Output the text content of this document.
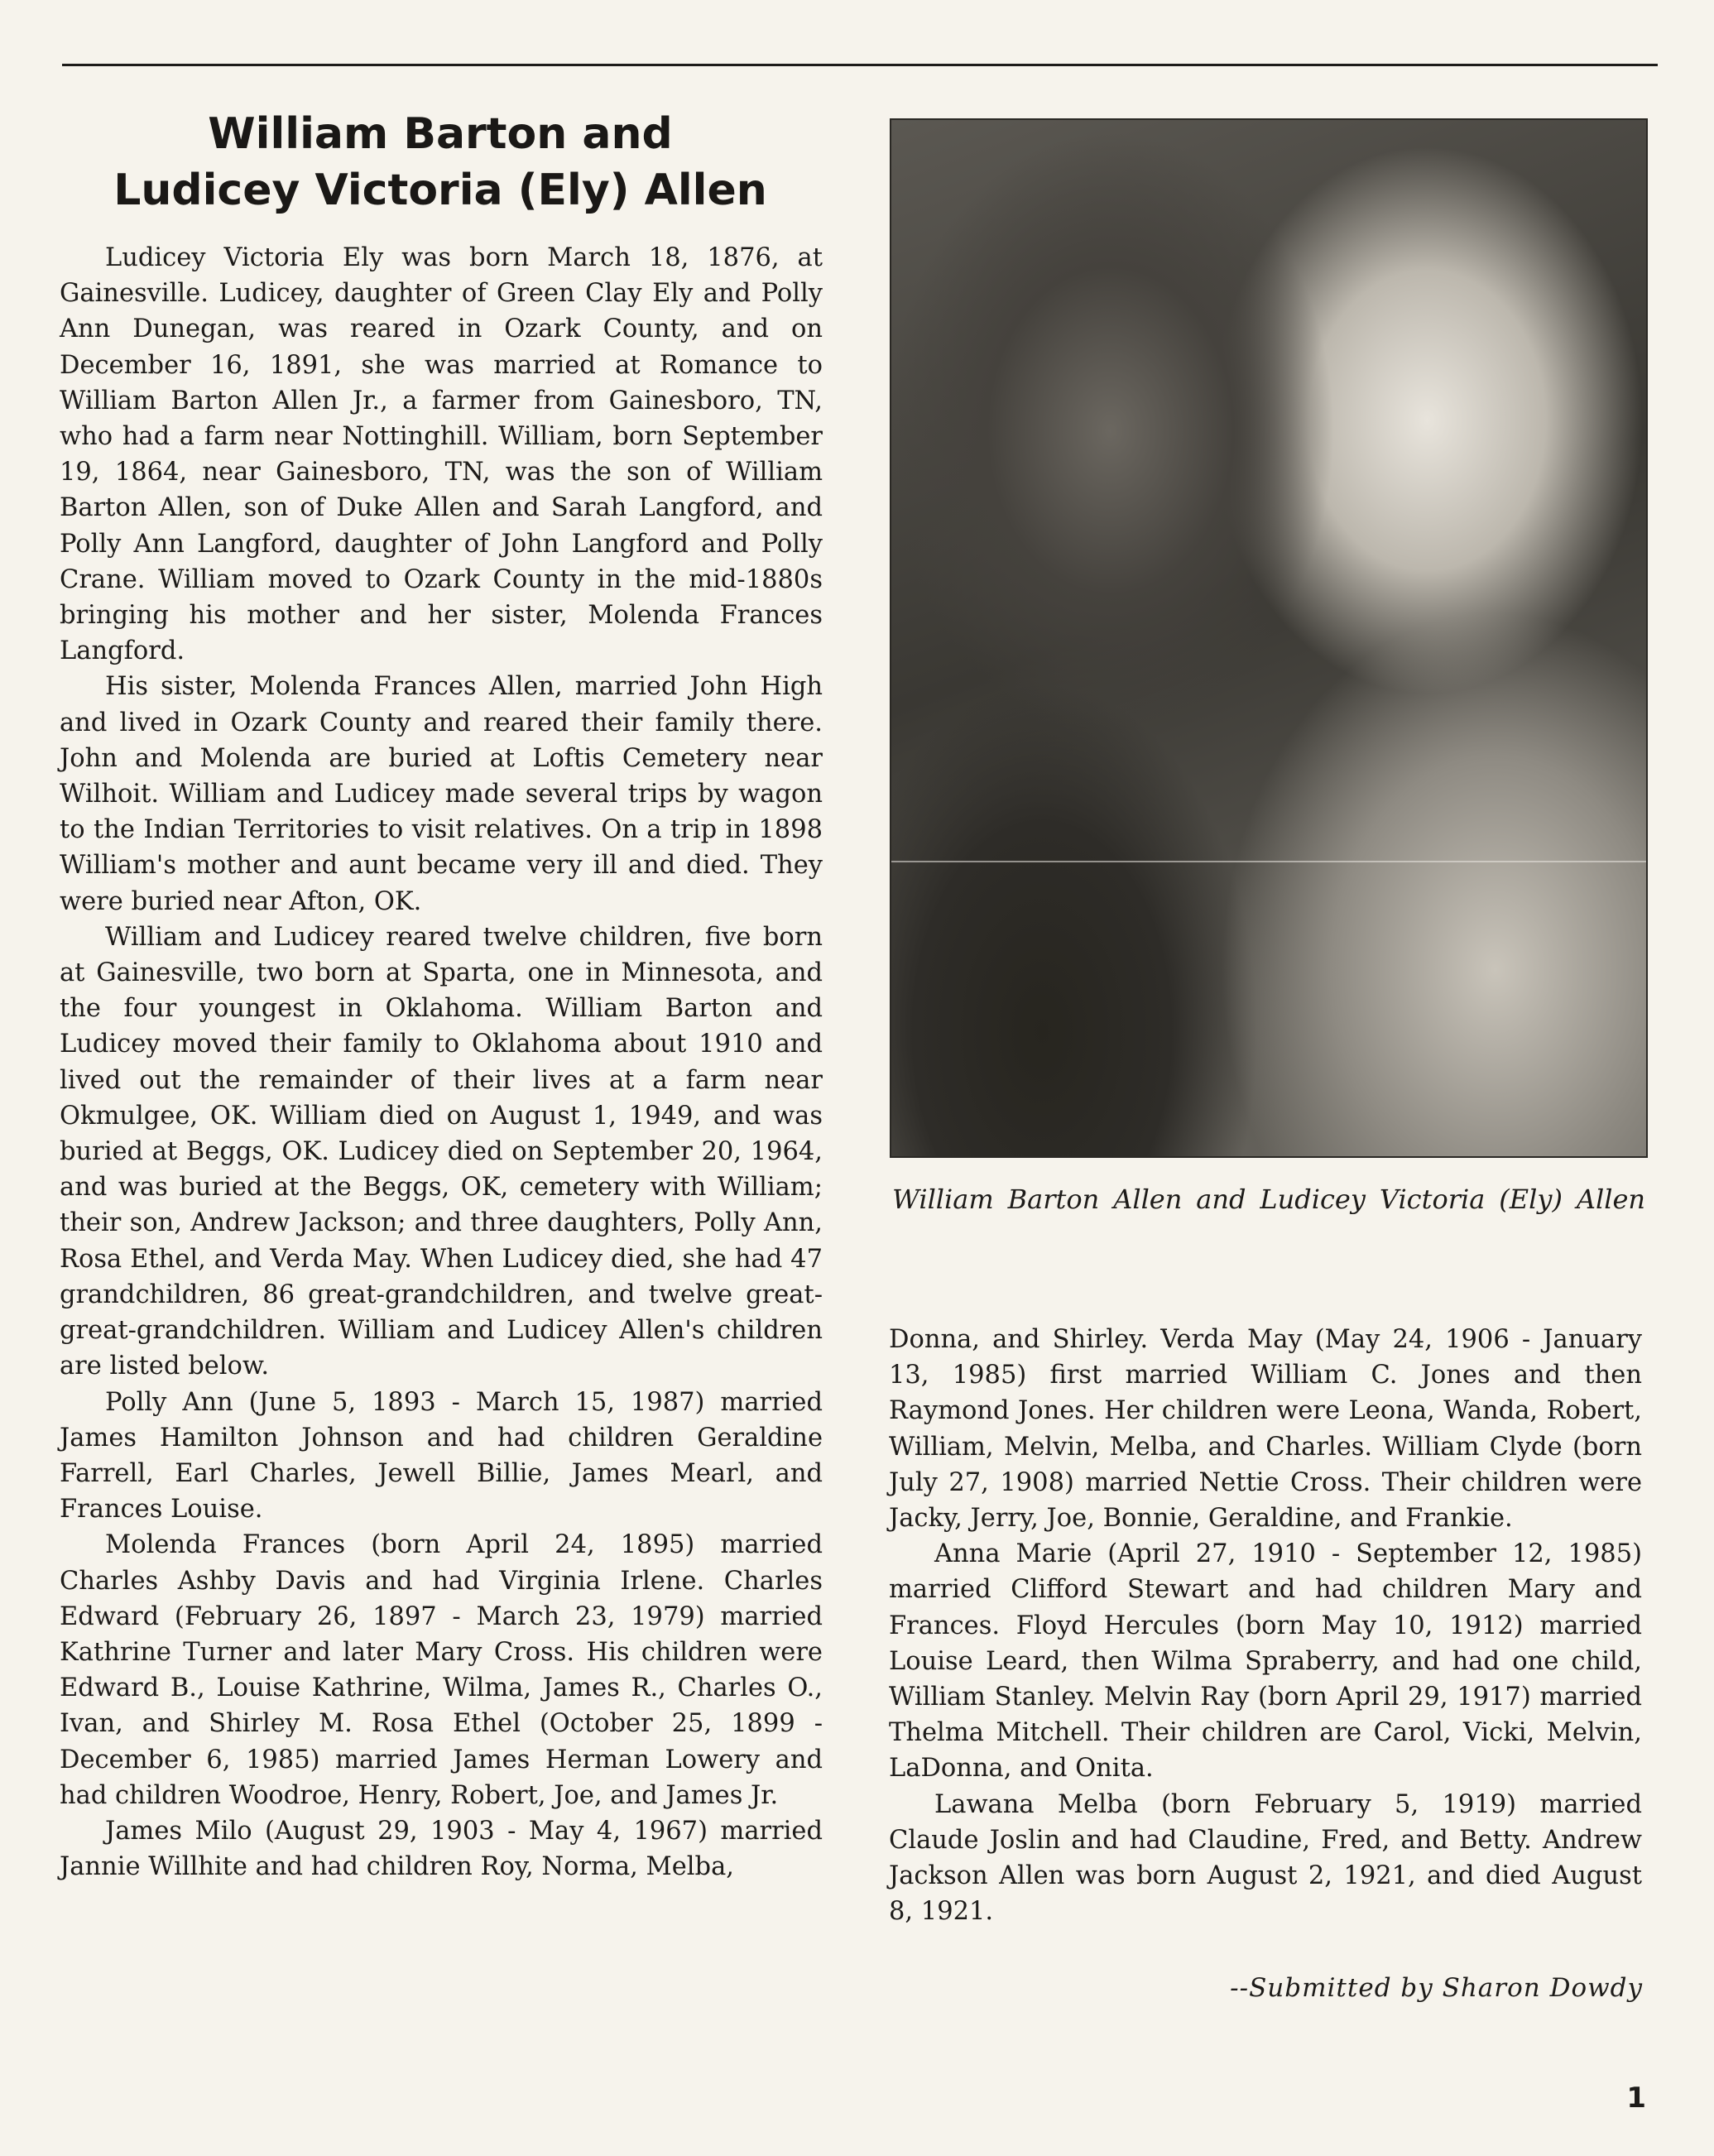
William Barton and
Ludicey Victoria (Ely) Allen

Ludicey Victoria Ely was born March 18, 1876, at Gainesville. Ludicey, daughter of Green Clay Ely and Polly Ann Dunegan, was reared in Ozark County, and on December 16, 1891, she was married at Romance to William Barton Allen Jr., a farmer from Gainesboro, TN, who had a farm near Nottinghill. William, born September 19, 1864, near Gainesboro, TN, was the son of William Barton Allen, son of Duke Allen and Sarah Langford, and Polly Ann Langford, daughter of John Langford and Polly Crane. William moved to Ozark County in the mid-1880s bringing his mother and her sister, Molenda Frances Langford.

His sister, Molenda Frances Allen, married John High and lived in Ozark County and reared their family there. John and Molenda are buried at Loftis Cemetery near Wilhoit. William and Ludicey made several trips by wagon to the Indian Territories to visit relatives. On a trip in 1898 William's mother and aunt became very ill and died. They were buried near Afton, OK.

William and Ludicey reared twelve children, five born at Gainesville, two born at Sparta, one in Minnesota, and the four youngest in Oklahoma. William Barton and Ludicey moved their family to Oklahoma about 1910 and lived out the remainder of their lives at a farm near Okmulgee, OK. William died on August 1, 1949, and was buried at Beggs, OK. Ludicey died on September 20, 1964, and was buried at the Beggs, OK, cemetery with William; their son, Andrew Jackson; and three daughters, Polly Ann, Rosa Ethel, and Verda May. When Ludicey died, she had 47 grandchildren, 86 great-grandchildren, and twelve great-great-grandchildren. William and Ludicey Allen's children are listed below.

Polly Ann (June 5, 1893 - March 15, 1987) married James Hamilton Johnson and had children Geraldine Farrell, Earl Charles, Jewell Billie, James Mearl, and Frances Louise.

Molenda Frances (born April 24, 1895) married Charles Ashby Davis and had Virginia Irlene. Charles Edward (February 26, 1897 - March 23, 1979) married Kathrine Turner and later Mary Cross. His children were Edward B., Louise Kathrine, Wilma, James R., Charles O., Ivan, and Shirley M. Rosa Ethel (October 25, 1899 - December 6, 1985) married James Herman Lowery and had children Woodroe, Henry, Robert, Joe, and James Jr.

James Milo (August 29, 1903 - May 4, 1967) married Jannie Willhite and had children Roy, Norma, Melba,

William Barton Allen and Ludicey Victoria (Ely) Allen

Donna, and Shirley. Verda May (May 24, 1906 - January 13, 1985) first married William C. Jones and then Raymond Jones. Her children were Leona, Wanda, Robert, William, Melvin, Melba, and Charles. William Clyde (born July 27, 1908) married Nettie Cross. Their children were Jacky, Jerry, Joe, Bonnie, Geraldine, and Frankie.

Anna Marie (April 27, 1910 - September 12, 1985) married Clifford Stewart and had children Mary and Frances. Floyd Hercules (born May 10, 1912) married Louise Leard, then Wilma Spraberry, and had one child, William Stanley. Melvin Ray (born April 29, 1917) married Thelma Mitchell. Their children are Carol, Vicki, Melvin, LaDonna, and Onita.

Lawana Melba (born February 5, 1919) married Claude Joslin and had Claudine, Fred, and Betty. Andrew Jackson Allen was born August 2, 1921, and died August 8, 1921.

--Submitted by Sharon Dowdy

1
